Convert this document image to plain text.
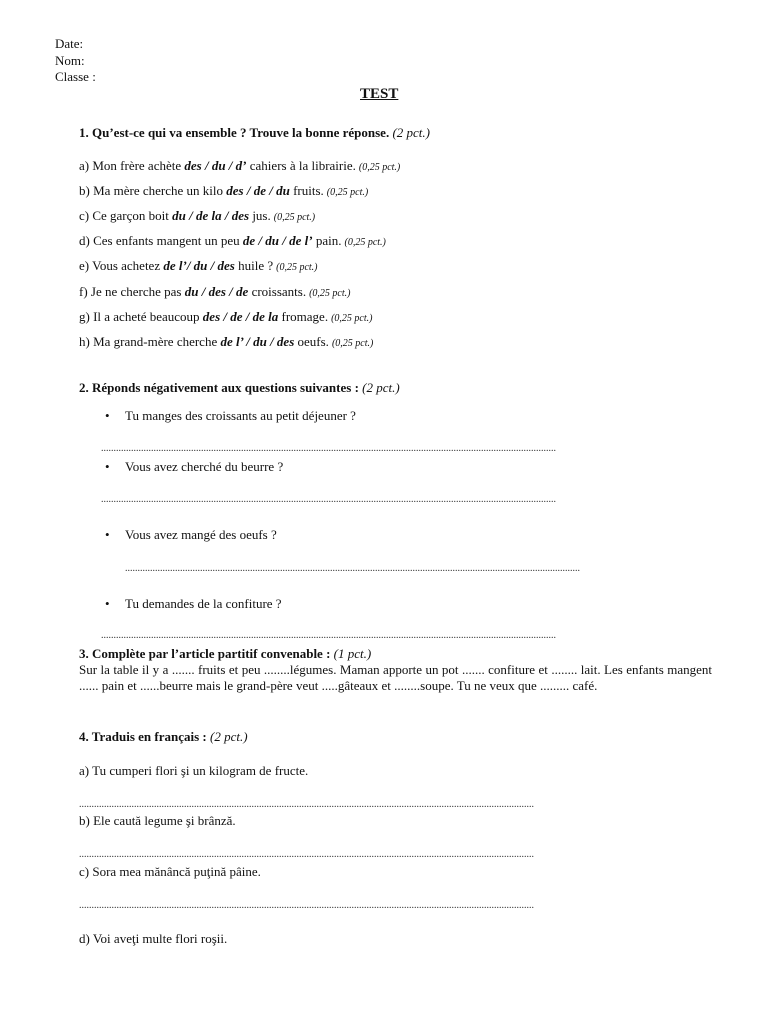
Date:
Nom:
Classe :
TEST
1. Qu’est-ce qui va ensemble ? Trouve la bonne réponse. (2 pct.)
a) Mon frère achète des / du / d’ cahiers à la librairie. (0,25 pct.)
b) Ma mère cherche un kilo des / de / du fruits. (0,25 pct.)
c) Ce garçon boit du / de la / des jus. (0,25 pct.)
d) Ces enfants mangent un peu de / du / de l’ pain. (0,25 pct.)
e) Vous achetez de l’/ du / des huile ? (0,25 pct.)
f) Je ne cherche pas du / des / de croissants. (0,25 pct.)
g) Il a acheté beaucoup des / de / de la fromage. (0,25 pct.)
h) Ma grand-mère cherche de l’ / du / des oeufs. (0,25 pct.)
2. Réponds négativement aux questions suivantes : (2 pct.)
• Tu manges des croissants au petit déjeuner ?
......................................................................................................................................................................................
• Vous avez cherché du beurre ?
......................................................................................................................................................................................
• Vous avez mangé des oeufs ?
......................................................................................................................................................................................
• Tu demandes de la confiture ?
......................................................................................................................................................................................
3. Complète par l’article partitif convenable : (1 pct.)
Sur la table il y a ....... fruits et peu ........légumes. Maman apporte un pot ....... confiture et ........ lait. Les enfants mangent ...... pain et ......beurre mais le grand-père veut .....gâteaux et ........soupe. Tu ne veux que ......... café.
4. Traduis en français : (2 pct.)
a) Tu cumperi flori şi un kilogram de fructe.
......................................................................................................................................................................................
b) Ele caută legume şi brânză.
......................................................................................................................................................................................
c) Sora mea mănâncă puţină pâine.
......................................................................................................................................................................................
d) Voi aveţi multe flori roşii.
